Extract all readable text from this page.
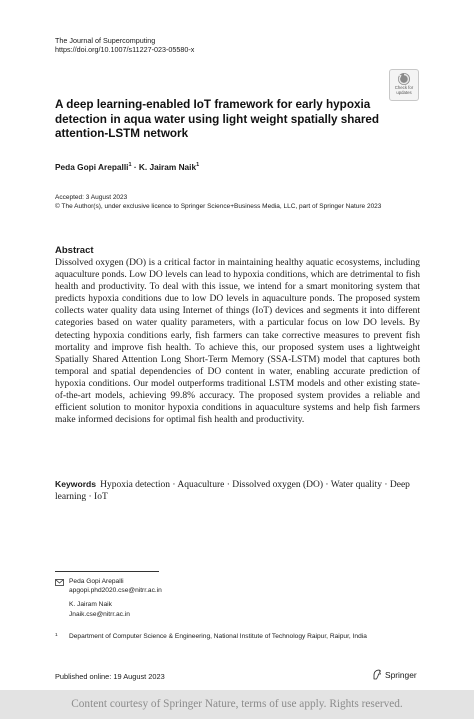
The Journal of Supercomputing
https://doi.org/10.1007/s11227-023-05580-x
Check for
updates
A deep learning-enabled IoT framework for early hypoxia detection in aqua water using light weight spatially shared attention-LSTM network
Peda Gopi Arepalli$^1$ · K. Jairam Naik$^1$
Accepted: 3 August 2023
© The Author(s), under exclusive licence to Springer Science+Business Media, LLC, part of Springer Nature 2023
Abstract
Dissolved oxygen (DO) is a critical factor in maintaining healthy aquatic ecosystems, including aquaculture ponds. Low DO levels can lead to hypoxia conditions, which are detrimental to fish health and productivity. To deal with this issue, we intend for a smart monitoring system that predicts hypoxia conditions due to low DO levels in aquaculture ponds. The proposed system collects water quality data using Internet of things (IoT) devices and segments it into different categories based on water quality parameters, with a particular focus on low DO levels. By detecting hypoxia conditions early, fish farmers can take corrective measures to prevent fish mortality and improve fish health. To achieve this, our proposed system uses a lightweight Spatially Shared Attention Long Short-Term Memory (SSA-LSTM) model that captures both temporal and spatial dependencies of DO content in water, enabling accurate prediction of hypoxia conditions. Our model outperforms traditional LSTM models and other existing state-of-the-art models, achieving 99.8% accuracy. The proposed system provides a reliable and efficient solution to monitor hypoxia conditions in aquaculture systems and help fish farmers make informed decisions for optimal fish health and productivity.
Keywords Hypoxia detection · Aquaculture · Dissolved oxygen (DO) · Water quality · Deep learning · IoT
Peda Gopi Arepalli
apgopi.phd2020.cse@nitrr.ac.in
K. Jairam Naik
Jnaik.cse@nitrr.ac.in
1 Department of Computer Science & Engineering, National Institute of Technology Raipur, Raipur, India
Published online: 19 August 2023	Springer
Content courtesy of Springer Nature, terms of use apply. Rights reserved.
